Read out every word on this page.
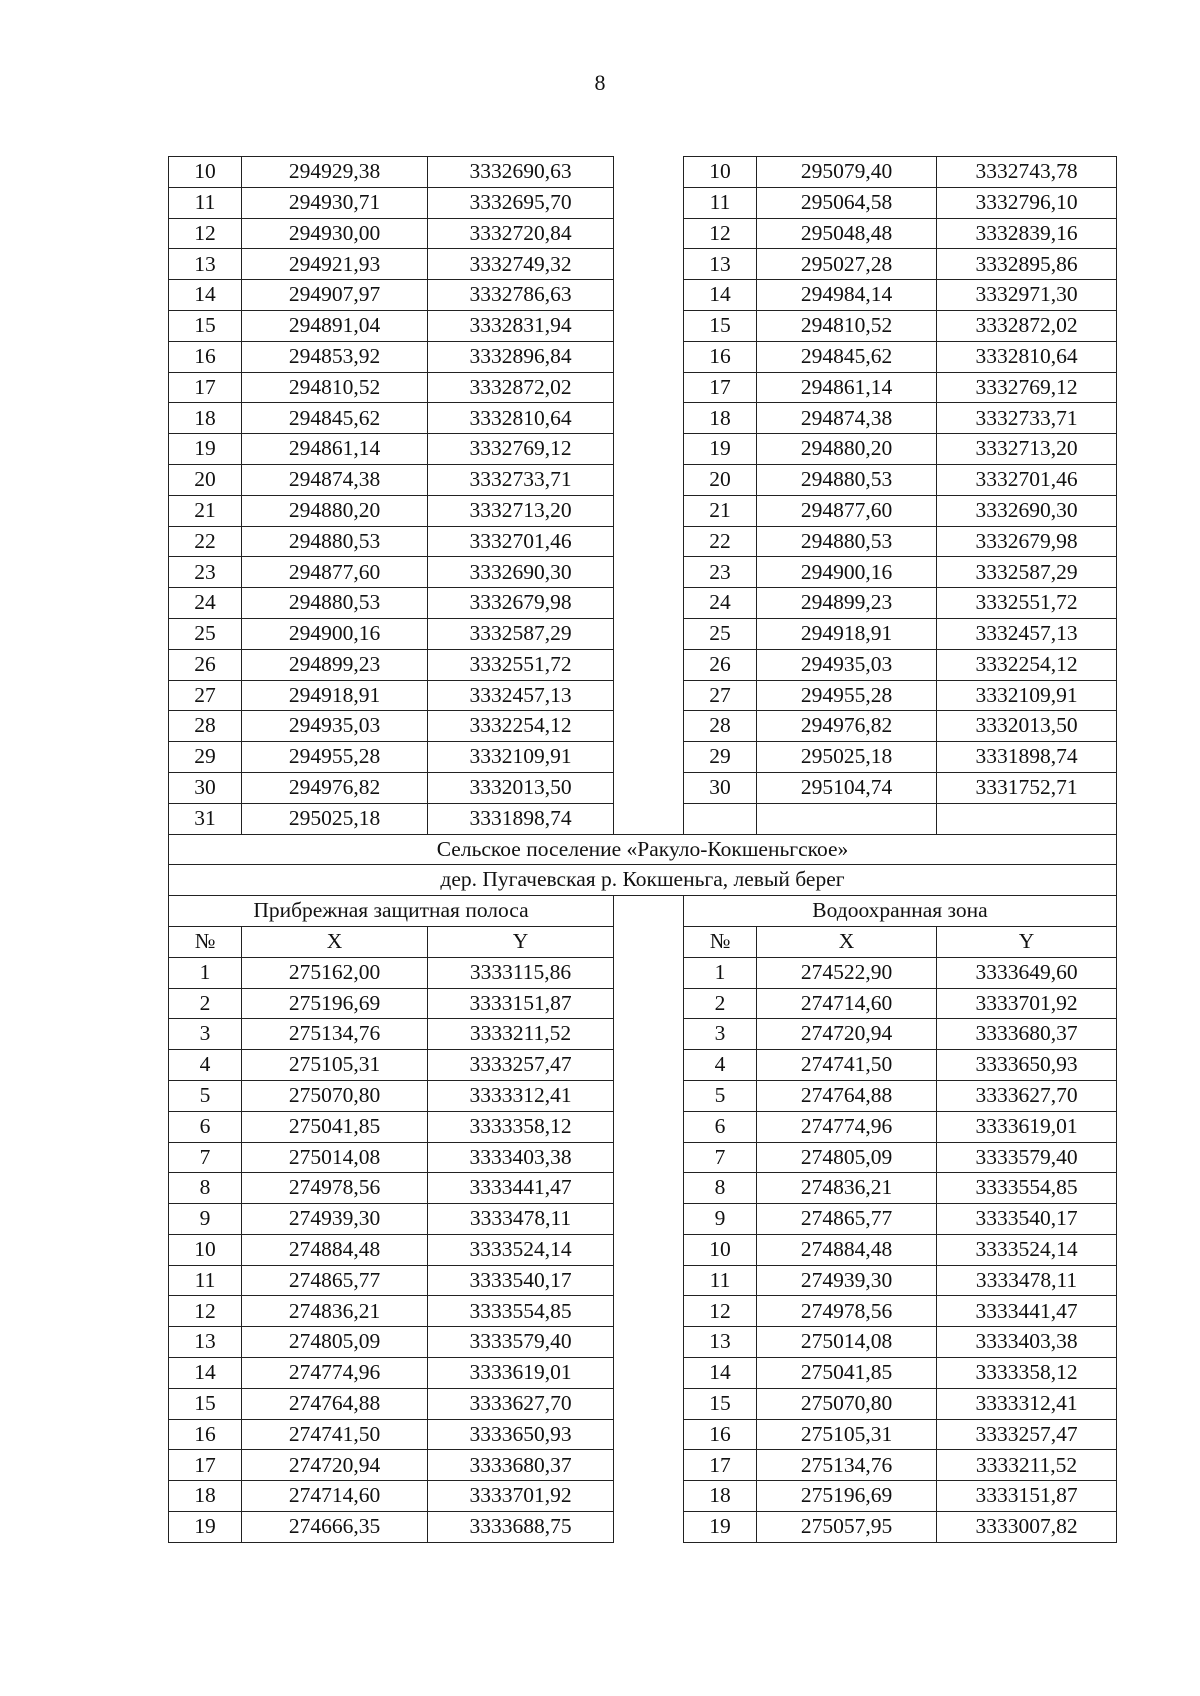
8
10	294929,38	3332690,63		10	295079,40	3332743,78
11	294930,71	3332695,70		11	295064,58	3332796,10
12	294930,00	3332720,84		12	295048,48	3332839,16
13	294921,93	3332749,32		13	295027,28	3332895,86
14	294907,97	3332786,63		14	294984,14	3332971,30
15	294891,04	3332831,94		15	294810,52	3332872,02
16	294853,92	3332896,84		16	294845,62	3332810,64
17	294810,52	3332872,02		17	294861,14	3332769,12
18	294845,62	3332810,64		18	294874,38	3332733,71
19	294861,14	3332769,12		19	294880,20	3332713,20
20	294874,38	3332733,71		20	294880,53	3332701,46
21	294880,20	3332713,20		21	294877,60	3332690,30
22	294880,53	3332701,46		22	294880,53	3332679,98
23	294877,60	3332690,30		23	294900,16	3332587,29
24	294880,53	3332679,98		24	294899,23	3332551,72
25	294900,16	3332587,29		25	294918,91	3332457,13
26	294899,23	3332551,72		26	294935,03	3332254,12
27	294918,91	3332457,13		27	294955,28	3332109,91
28	294935,03	3332254,12		28	294976,82	3332013,50
29	294955,28	3332109,91		29	295025,18	3331898,74
30	294976,82	3332013,50		30	295104,74	3331752,71
31	295025,18	3331898,74				
Сельское поселение «Ракуло-Кокшеньгское»						
дер. Пугачевская р. Кокшеньга, левый берег						
Прибрежная защитная полоса				Водоохранная зона		
№	X	Y		№	X	Y
1	275162,00	3333115,86		1	274522,90	3333649,60
2	275196,69	3333151,87		2	274714,60	3333701,92
3	275134,76	3333211,52		3	274720,94	3333680,37
4	275105,31	3333257,47		4	274741,50	3333650,93
5	275070,80	3333312,41		5	274764,88	3333627,70
6	275041,85	3333358,12		6	274774,96	3333619,01
7	275014,08	3333403,38		7	274805,09	3333579,40
8	274978,56	3333441,47		8	274836,21	3333554,85
9	274939,30	3333478,11		9	274865,77	3333540,17
10	274884,48	3333524,14		10	274884,48	3333524,14
11	274865,77	3333540,17		11	274939,30	3333478,11
12	274836,21	3333554,85		12	274978,56	3333441,47
13	274805,09	3333579,40		13	275014,08	3333403,38
14	274774,96	3333619,01		14	275041,85	3333358,12
15	274764,88	3333627,70		15	275070,80	3333312,41
16	274741,50	3333650,93		16	275105,31	3333257,47
17	274720,94	3333680,37		17	275134,76	3333211,52
18	274714,60	3333701,92		18	275196,69	3333151,87
19	274666,35	3333688,75		19	275057,95	3333007,82
